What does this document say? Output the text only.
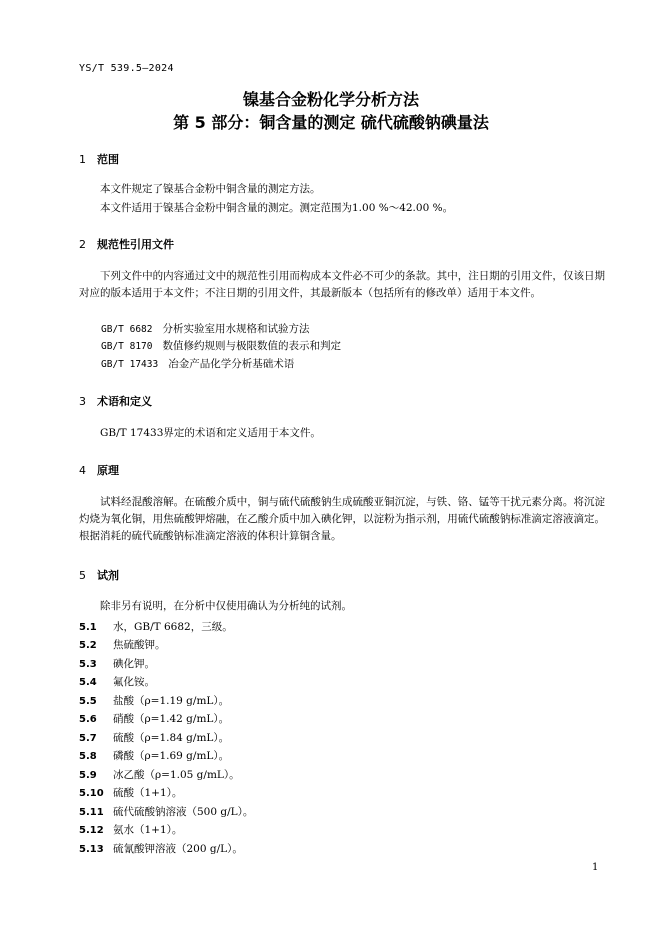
YS/T 539.5—2024
镍基合金粉化学分析方法
第 5 部分：铜含量的测定 硫代硫酸钠碘量法
1 范围
本文件规定了镍基合金粉中铜含量的测定方法。
本文件适用于镍基合金粉中铜含量的测定。测定范围为1.00 %～42.00 %。
2 规范性引用文件
下列文件中的内容通过文中的规范性引用而构成本文件必不可少的条款。其中，注日期的引用文件，仅该日期对应的版本适用于本文件；不注日期的引用文件，其最新版本（包括所有的修改单）适用于本文件。
GB/T 6682 分析实验室用水规格和试验方法
GB/T 8170 数值修约规则与极限数值的表示和判定
GB/T 17433 冶金产品化学分析基础术语
3 术语和定义
GB/T 17433界定的术语和定义适用于本文件。
4 原理
试料经混酸溶解。在硫酸介质中，铜与硫代硫酸钠生成硫酸亚铜沉淀，与铁、铬、锰等干扰元素分离。将沉淀灼烧为氧化铜，用焦硫酸钾熔融，在乙酸介质中加入碘化钾，以淀粉为指示剂，用硫代硫酸钠标准滴定溶液滴定。根据消耗的硫代硫酸钠标准滴定溶液的体积计算铜含量。
5 试剂
除非另有说明，在分析中仅使用确认为分析纯的试剂。
5.1 水，GB/T 6682，三级。
5.2 焦硫酸钾。
5.3 碘化钾。
5.4 氟化铵。
5.5 盐酸（ρ=1.19 g/mL）。
5.6 硝酸（ρ=1.42 g/mL）。
5.7 硫酸（ρ=1.84 g/mL）。
5.8 磷酸（ρ=1.69 g/mL）。
5.9 冰乙酸（ρ=1.05 g/mL）。
5.10 硫酸（1+1）。
5.11 硫代硫酸钠溶液（500 g/L）。
5.12 氨水（1+1）。
5.13 硫氰酸钾溶液（200 g/L）。
1
